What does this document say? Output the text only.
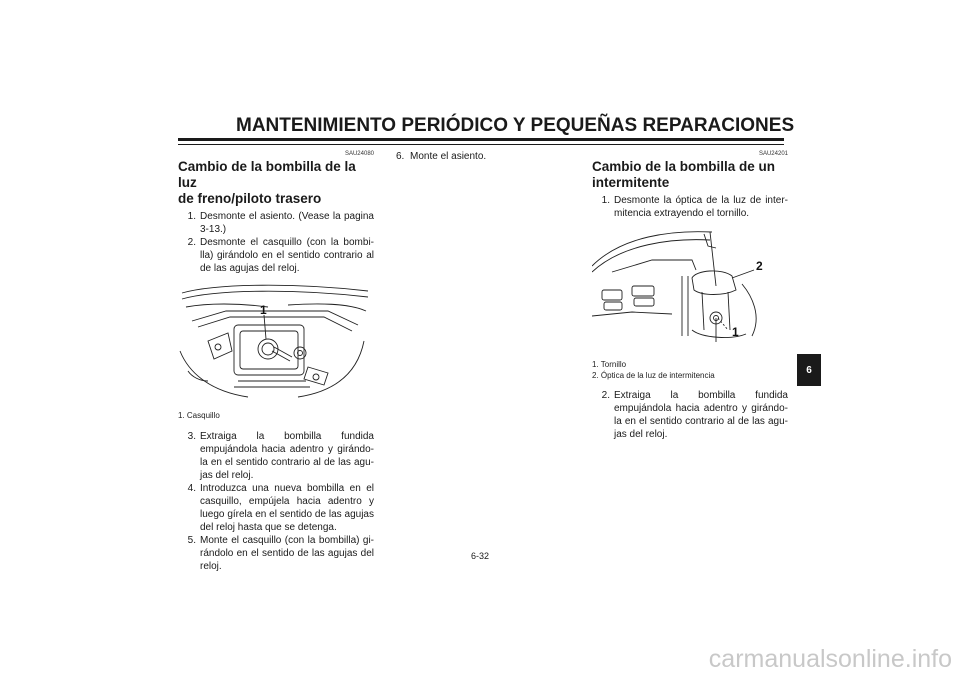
MANTENIMIENTO PERIÓDICO Y PEQUEÑAS REPARACIONES
SAU24080
Cambio de la bombilla de la luz
de freno/piloto trasero
1. Desmonte el asiento. (Vease la pagina 3-13.)
2. Desmonte el casquillo (con la bombi-lla) girándolo en el sentido contrario al de las agujas del reloj.
1
1. Casquillo
3. Extraiga la bombilla fundida empujándola hacia adentro y girándo-la en el sentido contrario al de las agu-jas del reloj.
4. Introduzca una nueva bombilla en el casquillo, empújela hacia adentro y luego gírela en el sentido de las agujas del reloj hasta que se detenga.
5. Monte el casquillo (con la bombilla) gi-rándolo en el sentido de las agujas del reloj.
6. Monte el asiento.	SAU24201
Cambio de la bombilla de un
intermitente
1. Desmonte la óptica de la luz de inter-mitencia extrayendo el tornillo.
2
1
1. Tornillo
2. Óptica de la luz de intermitencia
2. Extraiga la bombilla fundida empujándola hacia adentro y girándo-la en el sentido contrario al de las agu-jas del reloj.
6-32
6
carmanualsonline.info
